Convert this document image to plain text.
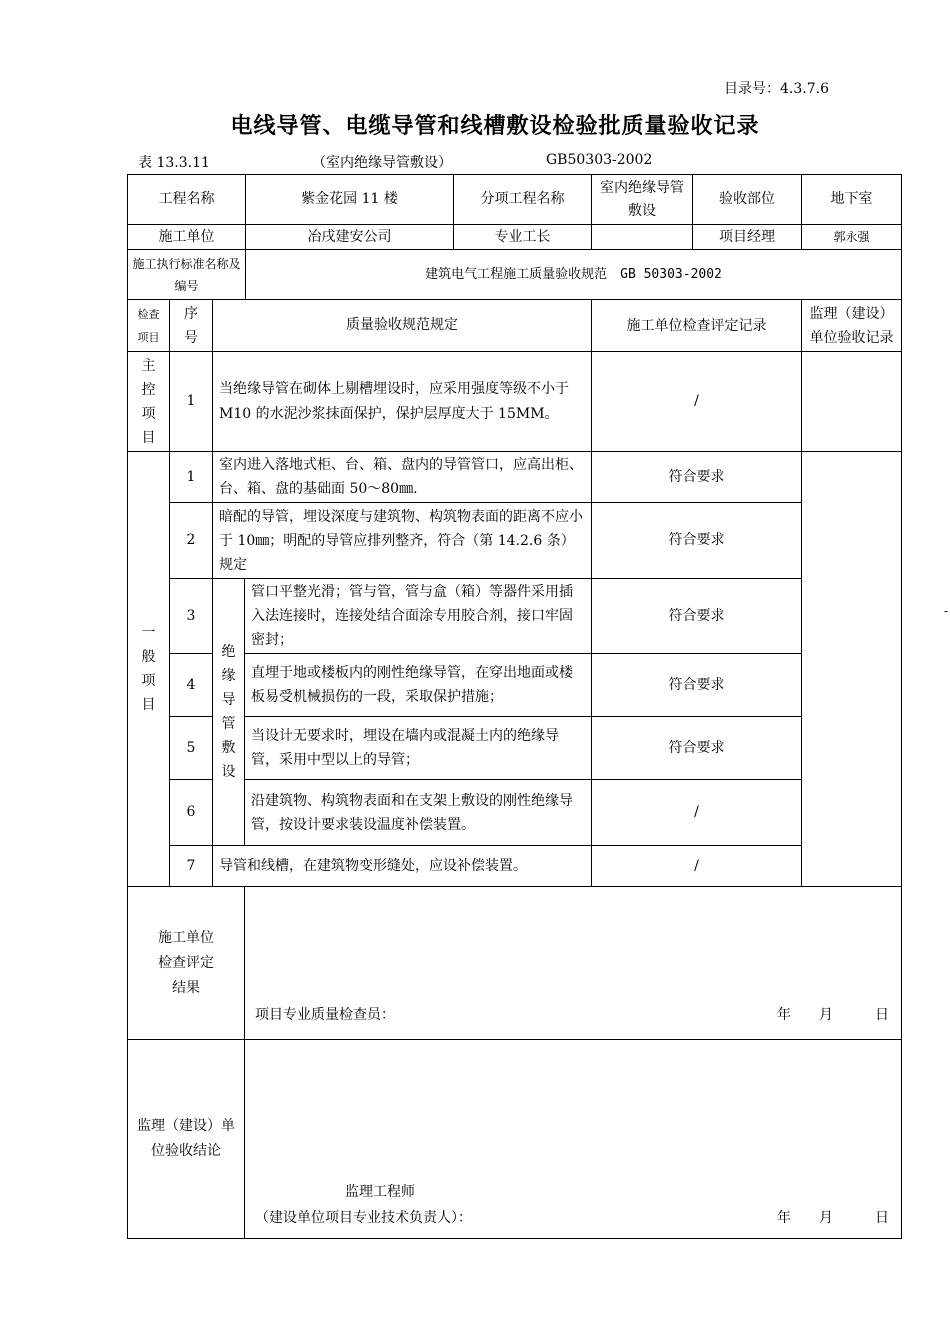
目录号：4.3.7.6
电线导管、电缆导管和线槽敷设检验批质量验收记录
表 13.3.11	（室内绝缘导管敷设）	GB50303-2002
-
工程名称			紫金花园 11 楼	分项工程名称	室内绝缘导管敷设	验收部位	地下室
施工单位			冶戌建安公司	专业工长		项目经理	郭永强
施工执行标准名称及编号			建筑电气工程施工质量验收规范　GB 50303-2002				
检查项目	序号	质量验收规范规定			施工单位检查评定记录		监理（建设）单位验收记录
主控项目	1	当绝缘导管在砌体上剔槽埋设时，应采用强度等级不小于 M10 的水泥沙浆抹面保护，保护层厚度大于 15MM。			/		
一般项目	1	室内进入落地式柜、台、箱、盘内的导管管口，应高出柜、台、箱、盘的基础面 50～80㎜.			符合要求		
	2	暗配的导管，埋设深度与建筑物、构筑物表面的距离不应小于 10㎜；明配的导管应排列整齐，符合（第 14.2.6 条）规定			符合要求		
	3	绝缘导管敷设	管口平整光滑；管与管，管与盒（箱）等器件采用插入法连接时，连接处结合面涂专用胶合剂，接口牢固密封；		符合要求		
	4		直埋于地或楼板内的刚性绝缘导管，在穿出地面或楼板易受机械损伤的一段，采取保护措施；		符合要求		
	5		当设计无要求时，埋设在墙内或混凝土内的绝缘导管，采用中型以上的导管；		符合要求		
	6		沿建筑物、构筑物表面和在支架上敷设的刚性绝缘导管，按设计要求装设温度补偿装置。		/		
	7	导管和线槽，在建筑物变形缝处，应设补偿装置。			/		
施工单位检查评定结果			项目专业质量检查员： 年　　月　　　日				

监理（建设）单位验收结论			监理工程师
（建设单位项目专业技术负责人）： 年　　月　　　日				
